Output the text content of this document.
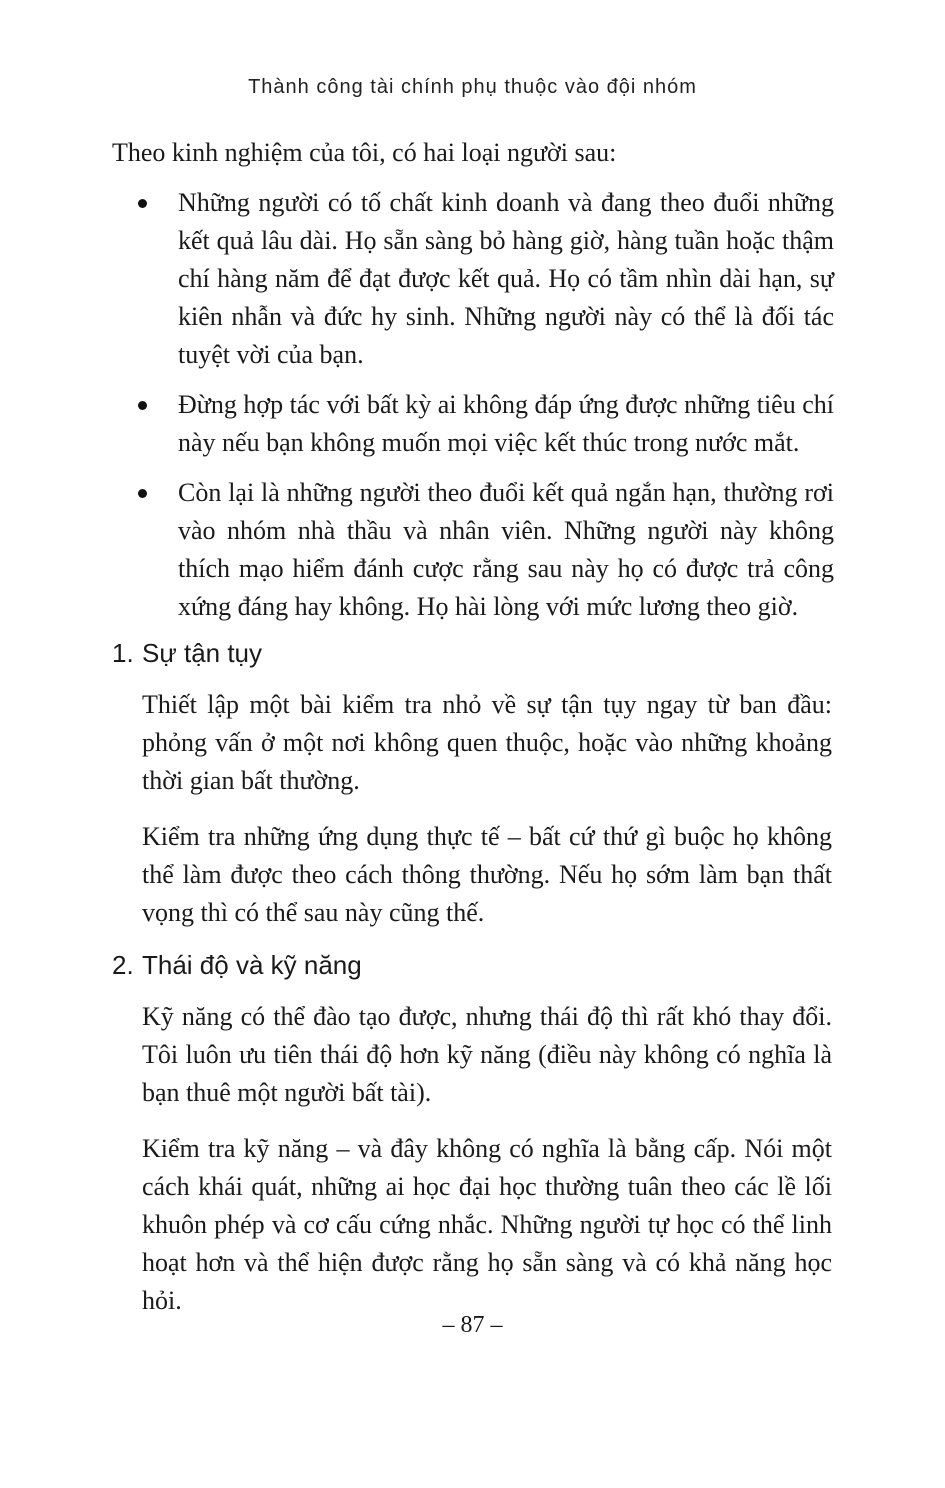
Thành công tài chính phụ thuộc vào đội nhóm

Theo kinh nghiệm của tôi, có hai loại người sau:

Những người có tố chất kinh doanh và đang theo đuổi những kết quả lâu dài. Họ sẵn sàng bỏ hàng giờ, hàng tuần hoặc thậm chí hàng năm để đạt được kết quả. Họ có tầm nhìn dài hạn, sự kiên nhẫn và đức hy sinh. Những người này có thể là đối tác tuyệt vời của bạn.
Đừng hợp tác với bất kỳ ai không đáp ứng được những tiêu chí này nếu bạn không muốn mọi việc kết thúc trong nước mắt.
Còn lại là những người theo đuổi kết quả ngắn hạn, thường rơi vào nhóm nhà thầu và nhân viên. Những người này không thích mạo hiểm đánh cược rằng sau này họ có được trả công xứng đáng hay không. Họ hài lòng với mức lương theo giờ.

1. Sự tận tụy

Thiết lập một bài kiểm tra nhỏ về sự tận tụy ngay từ ban đầu: phỏng vấn ở một nơi không quen thuộc, hoặc vào những khoảng thời gian bất thường.

Kiểm tra những ứng dụng thực tế – bất cứ thứ gì buộc họ không thể làm được theo cách thông thường. Nếu họ sớm làm bạn thất vọng thì có thể sau này cũng thế.

2. Thái độ và kỹ năng

Kỹ năng có thể đào tạo được, nhưng thái độ thì rất khó thay đổi. Tôi luôn ưu tiên thái độ hơn kỹ năng (điều này không có nghĩa là bạn thuê một người bất tài).

Kiểm tra kỹ năng – và đây không có nghĩa là bằng cấp. Nói một cách khái quát, những ai học đại học thường tuân theo các lề lối khuôn phép và cơ cấu cứng nhắc. Những người tự học có thể linh hoạt hơn và thể hiện được rằng họ sẵn sàng và có khả năng học hỏi.

– 87 –
